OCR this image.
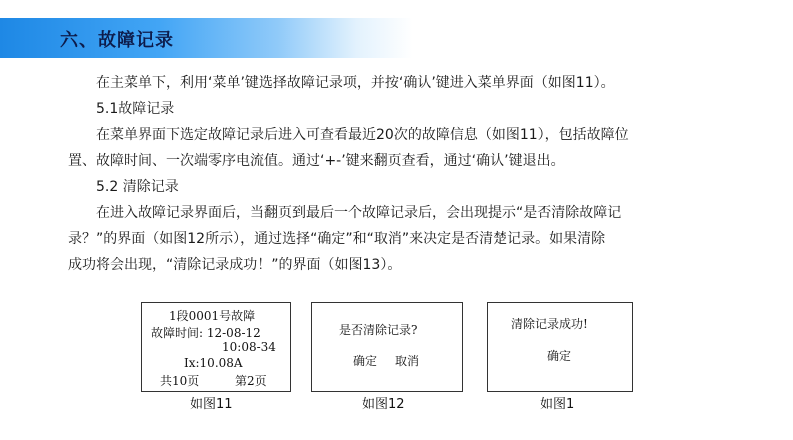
六、故障记录

在主菜单下，利用‘菜单’键选择故障记录项，并按‘确认’键进入菜单界面（如图11）。

5.1故障记录

在菜单界面下选定故障记录后进入可查看最近20次的故障信息（如图11），包括故障位

置、故障时间、一次端零序电流值。通过‘+-’键来翻页查看，通过‘确认’键退出。

5.2 清除记录

在进入故障记录界面后，当翻页到最后一个故障记录后，会出现提示“是否清除故障记

录？”的界面（如图12所示），通过选择“确定”和“取消”来决定是否清楚记录。如果清除

成功将会出现，“清除记录成功！”的界面（如图13）。

1段0001号故障
故障时间: 12-08-12
10:08-34
Ix:10.08A
共10页	第2页
如图11
是否清除记录?
确定 取消
如图12
清除记录成功!
确定
如图1
